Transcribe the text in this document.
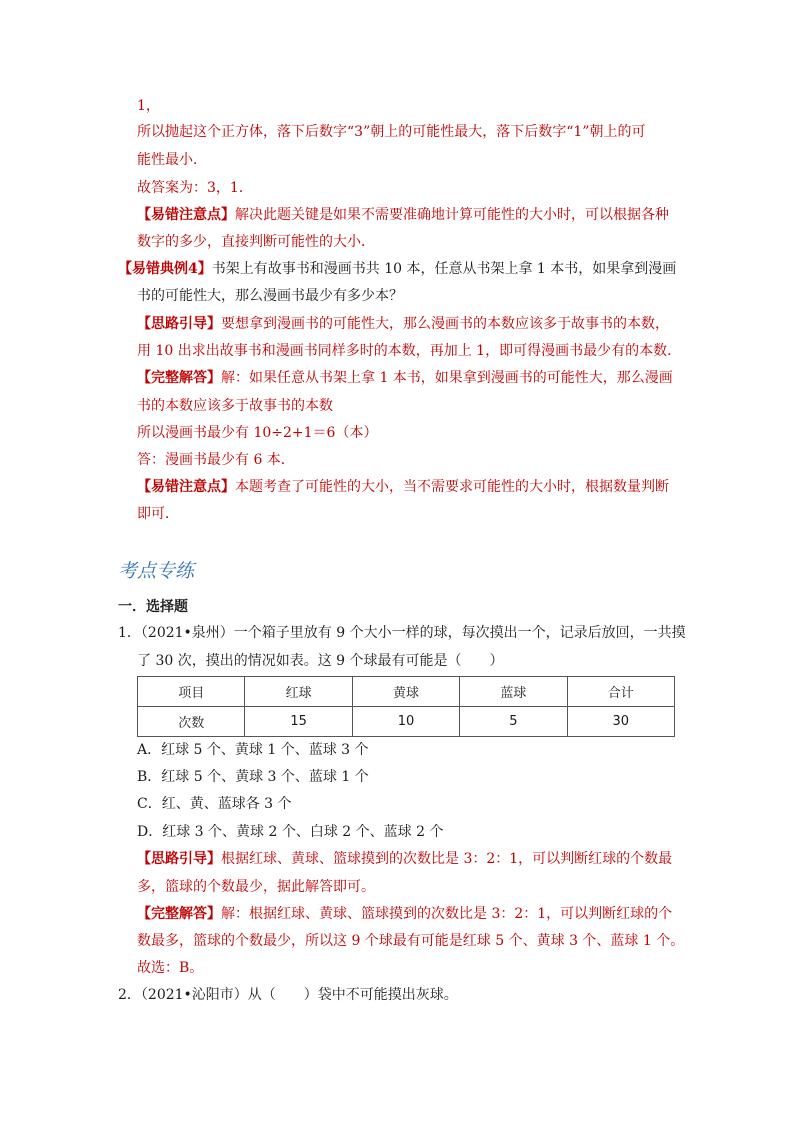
1，
所以抛起这个正方体，落下后数字“3”朝上的可能性最大，落下后数字“1”朝上的可
能性最小．
故答案为：3，1．
【易错注意点】解决此题关键是如果不需要准确地计算可能性的大小时，可以根据各种
数字的多少，直接判断可能性的大小．
【易错典例4】书架上有故事书和漫画书共 10 本，任意从书架上拿 1 本书，如果拿到漫画
书的可能性大，那么漫画书最少有多少本？
【思路引导】要想拿到漫画书的可能性大，那么漫画书的本数应该多于故事书的本数，
用 10 出求出故事书和漫画书同样多时的本数，再加上 1，即可得漫画书最少有的本数．
【完整解答】解：如果任意从书架上拿 1 本书，如果拿到漫画书的可能性大，那么漫画
书的本数应该多于故事书的本数
所以漫画书最少有 10÷2+1＝6（本）
答：漫画书最少有 6 本．
【易错注意点】本题考查了可能性的大小，当不需要求可能性的大小时，根据数量判断
即可．
考点专练
一．选择题
1．（2021•泉州）一个箱子里放有 9 个大小一样的球，每次摸出一个，记录后放回，一共摸
了 30 次，摸出的情况如表。这 9 个球最有可能是（　　）
项目	红球	黄球	蓝球	合计
次数	15	10	5	30
A．红球 5 个、黄球 1 个、蓝球 3 个
B．红球 5 个、黄球 3 个、蓝球 1 个
C．红、黄、蓝球各 3 个
D．红球 3 个、黄球 2 个、白球 2 个、蓝球 2 个
【思路引导】根据红球、黄球、篮球摸到的次数比是 3：2：1，可以判断红球的个数最
多，篮球的个数最少，据此解答即可。
【完整解答】解：根据红球、黄球、篮球摸到的次数比是 3：2：1，可以判断红球的个
数最多，篮球的个数最少，所以这 9 个球最有可能是红球 5 个、黄球 3 个、蓝球 1 个。
故选：B。
2．（2021•沁阳市）从（　　）袋中不可能摸出灰球。
